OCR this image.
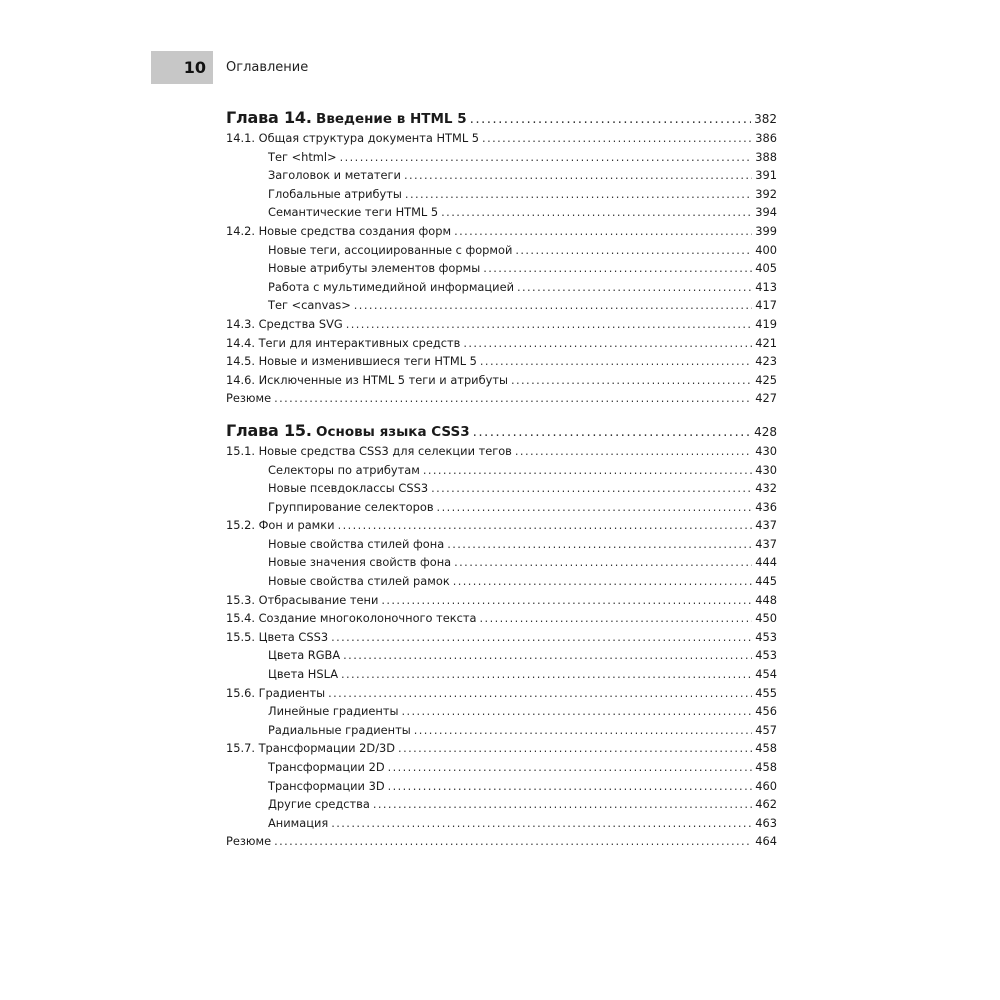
10 Оглавление
Глава 14. Введение в HTML 5 .....	382
14.1. Общая структура документа HTML 5 .....	386
Тег <html> .....	388
Заголовок и метатеги .....	391
Глобальные атрибуты .....	392
Семантические теги HTML 5 .....	394
14.2. Новые средства создания форм .....	399
Новые теги, ассоциированные с формой .....	400
Новые атрибуты элементов формы .....	405
Работа с мультимедийной информацией .....	413
Тег <canvas> .....	417
14.3. Средства SVG .....	419
14.4. Теги для интерактивных средств .....	421
14.5. Новые и изменившиеся теги HTML 5 .....	423
14.6. Исключенные из HTML 5 теги и атрибуты .....	425
Резюме .....	427
Глава 15. Основы языка CSS3 .....	428
15.1. Новые средства CSS3 для селекции тегов .....	430
Селекторы по атрибутам .....	430
Новые псевдоклассы CSS3 .....	432
Группирование селекторов .....	436
15.2. Фон и рамки .....	437
Новые свойства стилей фона .....	437
Новые значения свойств фона .....	444
Новые свойства стилей рамок .....	445
15.3. Отбрасывание тени .....	448
15.4. Создание многоколоночного текста .....	450
15.5. Цвета CSS3 .....	453
Цвета RGBA .....	453
Цвета HSLA .....	454
15.6. Градиенты .....	455
Линейные градиенты .....	456
Радиальные градиенты .....	457
15.7. Трансформации 2D/3D .....	458
Трансформации 2D .....	458
Трансформации 3D .....	460
Другие средства .....	462
Анимация .....	463
Резюме .....	464
